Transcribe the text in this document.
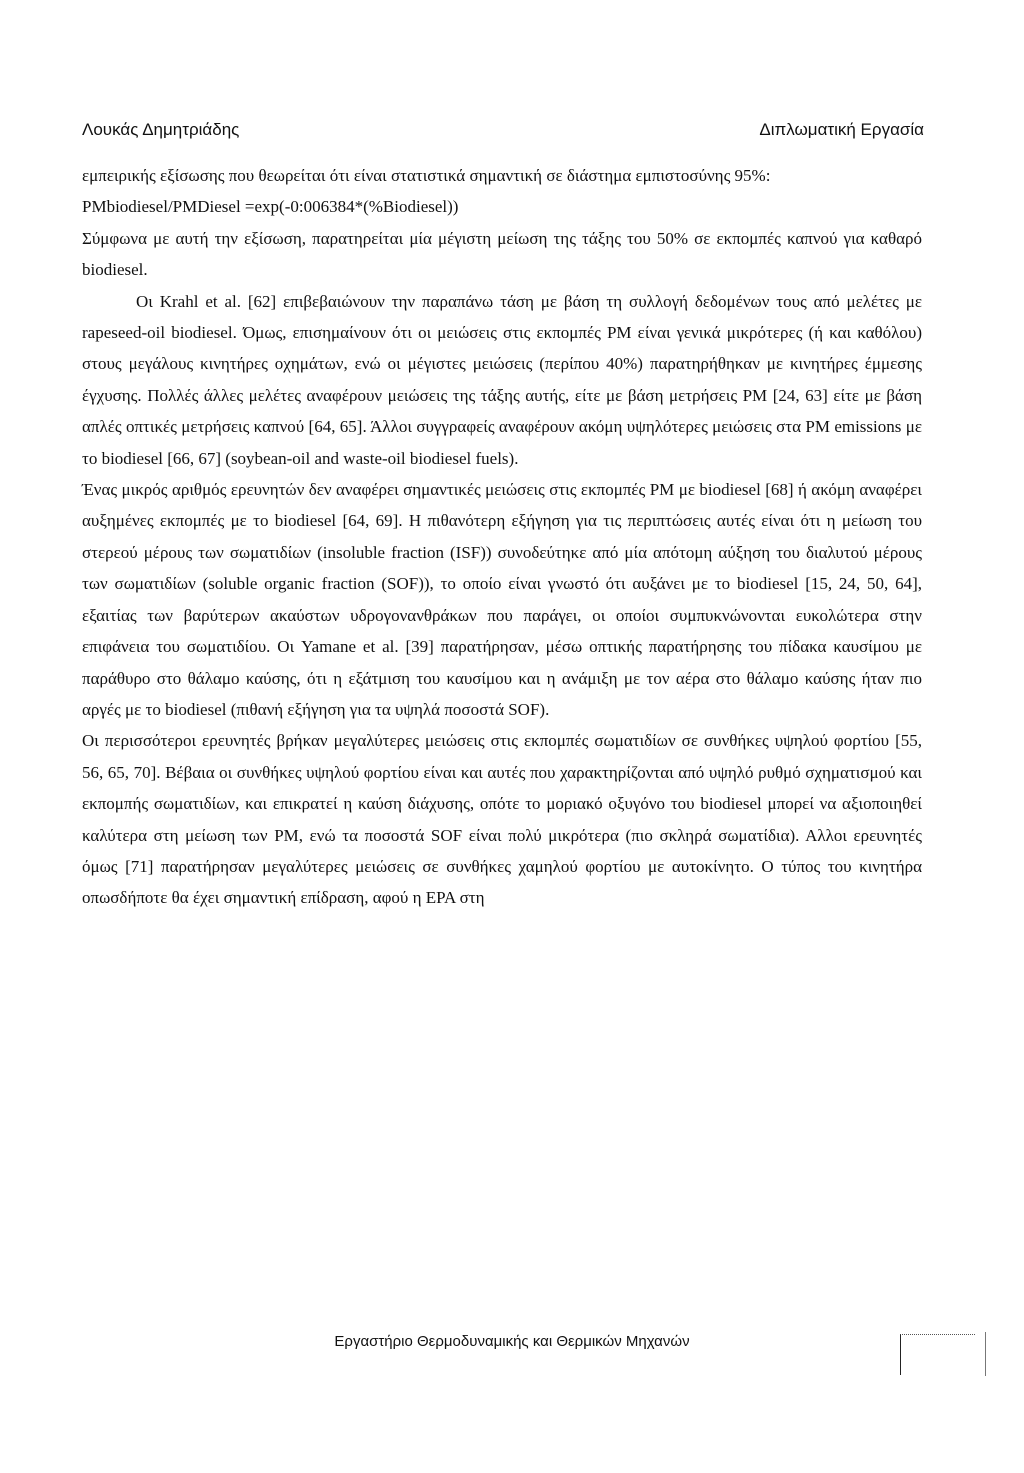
Λουκάς Δημητριάδης	Διπλωματική Εργασία

εμπειρικής εξίσωσης που θεωρείται ότι είναι στατιστικά σημαντική σε διάστημα εμπιστοσύνης 95%:

PMbiodiesel/PMDiesel =exp(-0:006384*(%Biodiesel))

Σύμφωνα με αυτή την εξίσωση, παρατηρείται μία μέγιστη μείωση της τάξης του 50% σε εκπομπές καπνού για καθαρό biodiesel.

Οι Krahl et al. [62] επιβεβαιώνουν την παραπάνω τάση με βάση τη συλλογή δεδομένων τους από μελέτες με rapeseed-oil biodiesel. Όμως, επισημαίνουν ότι οι μειώσεις στις εκπομπές PM είναι γενικά μικρότερες (ή και καθόλου) στους μεγάλους κινητήρες οχημάτων, ενώ οι μέγιστες μειώσεις (περίπου 40%) παρατηρήθηκαν με κινητήρες έμμεσης έγχυσης. Πολλές άλλες μελέτες αναφέρουν μειώσεις της τάξης αυτής, είτε με βάση μετρήσεις PM [24, 63] είτε με βάση απλές οπτικές μετρήσεις καπνού [64, 65]. Άλλοι συγγραφείς αναφέρουν ακόμη υψηλότερες μειώσεις στα PM emissions με το biodiesel [66, 67] (soybean-oil and waste-oil biodiesel fuels).

Ένας μικρός αριθμός ερευνητών δεν αναφέρει σημαντικές μειώσεις στις εκπομπές PM με biodiesel [68] ή ακόμη αναφέρει αυξημένες εκπομπές με το biodiesel [64, 69]. Η πιθανότερη εξήγηση για τις περιπτώσεις αυτές είναι ότι η μείωση του στερεού μέρους των σωματιδίων (insoluble fraction (ISF)) συνοδεύτηκε από μία απότομη αύξηση του διαλυτού μέρους των σωματιδίων (soluble organic fraction (SOF)), το οποίο είναι γνωστό ότι αυξάνει με το biodiesel [15, 24, 50, 64], εξαιτίας των βαρύτερων ακαύστων υδρογονανθράκων που παράγει, οι οποίοι συμπυκνώνονται ευκολώτερα στην επιφάνεια του σωματιδίου. Οι Yamane et al. [39] παρατήρησαν, μέσω οπτικής παρατήρησης του πίδακα καυσίμου με παράθυρο στο θάλαμο καύσης, ότι η εξάτμιση του καυσίμου και η ανάμιξη με τον αέρα στο θάλαμο καύσης ήταν πιο αργές με το biodiesel (πιθανή εξήγηση για τα υψηλά ποσοστά SOF).

Οι περισσότεροι ερευνητές βρήκαν μεγαλύτερες μειώσεις στις εκπομπές σωματιδίων σε συνθήκες υψηλού φορτίου [55, 56, 65, 70]. Βέβαια οι συνθήκες υψηλού φορτίου είναι και αυτές που χαρακτηρίζονται από υψηλό ρυθμό σχηματισμού και εκπομπής σωματιδίων, και επικρατεί η καύση διάχυσης, οπότε το μοριακό οξυγόνο του biodiesel μπορεί να αξιοποιηθεί καλύτερα στη μείωση των PM, ενώ τα ποσοστά SOF είναι πολύ μικρότερα (πιο σκληρά σωματίδια). Αλλοι ερευνητές όμως [71] παρατήρησαν μεγαλύτερες μειώσεις σε συνθήκες χαμηλού φορτίου με αυτοκίνητο. Ο τύπος του κινητήρα οπωσδήποτε θα έχει σημαντική επίδραση, αφού η EPA στη

Εργαστήριο Θερμοδυναμικής και Θερμικών Μηχανών
